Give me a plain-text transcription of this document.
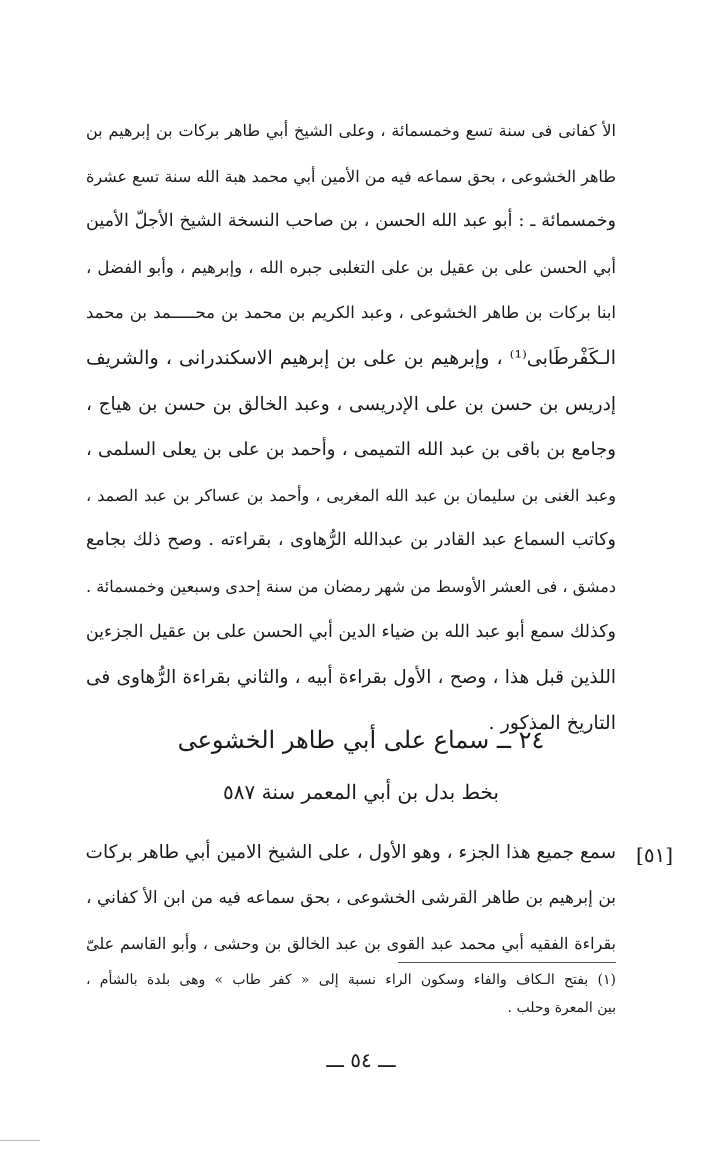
الأ كفانى فى سنة تسع وخمسمائة ، وعلى الشيخ أبي طاهر بركات بن إبرهيم بن
طاهر الخشوعى ، بحق سماعه فيه من الأمين أبي محمد هبة الله سنة تسع عشرة
وخمسمائة ـ : أبو عبد الله الحسن ، بن صاحب النسخة الشيخ الأجلّ الأمين
أبي الحسن على بن عقيل بن على التغلبى جبره الله ، وإبرهيم ، وأبو الفضل ،
ابنا بركات بن طاهر الخشوعى ، وعبد الكريم بن محمد بن محـــــمد بن محمد
الـكَفْرطَابى⁽¹⁾ ، وإبرهيم بن على بن إبرهيم الاسكندرانى ، والشريف
إدريس بن حسن بن على الإدريسى ، وعبد الخالق بن حسن بن هياج ،
وجامع بن باقى بن عبد الله التميمى ، وأحمد بن على بن يعلى السلمى ،
وعبد الغنى بن سليمان بن عبد الله المغربى ، وأحمد بن عساكر بن عبد الصمد ،
وكاتب السماع عبد القادر بن عبدالله الرُّهاوى ، بقراءته . وصح ذلك بجامع
دمشق ، فى العشر الأوسط من شهر رمضان من سنة إحدى وسبعين وخمسمائة .
وكذلك سمع أبو عبد الله بن ضياء الدين أبي الحسن على بن عقيل الجزءين
اللذين قبل هذا ، وصح ، الأول بقراءة أبيه ، والثاني بقراءة الرُّهاوى فى
التاريخ المذكور .
٢٤ ــ سماع على أبي طاهر الخشوعى
بخط بدل بن أبي المعمر سنة ٥٨٧
[٥١]
سمع جميع هذا الجزء ، وهو الأول ، على الشيخ الامين أبي طاهر بركات
بن إبرهيم بن طاهر القرشى الخشوعى ، بحق سماعه فيه من ابن الأ كفاني ،
بقراءة الفقيه أبي محمد عبد القوى بن عبد الخالق بن وحشى ، وأبو القاسم علىّ
(١) بفتح الـكاف والفاء وسكون الراء نسبة إلى « كفر طاب » وهى بلدة بالشأم ،
بين المعرة وحلب .
ـــ ٥٤ ـــ
